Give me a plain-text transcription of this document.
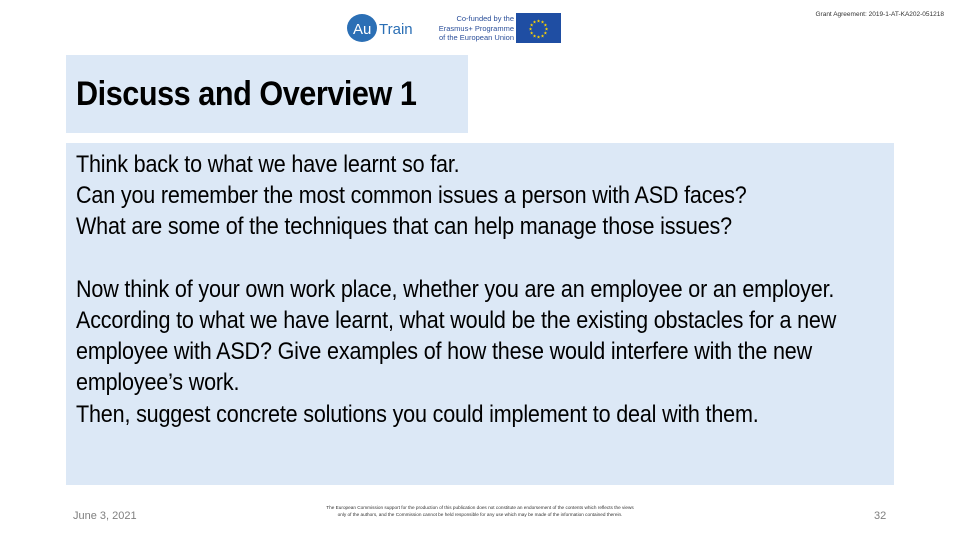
Au Train
Co-funded by the
Erasmus+ Programme
of the European Union
★ ★
★
★
★
★
★
★
★
★
★
★
Grant Agreement: 2019-1-AT-KA202-051218
Discuss and Overview 1

Think back to what we have learnt so far.

Can you remember the most common issues a person with ASD faces?

What are some of the techniques that can help manage those issues?

Now think of your own work place, whether you are an employee or an employer.

According to what we have learnt, what would be the existing obstacles for a new employee with ASD? Give examples of how these would interfere with the new employee’s work.

Then, suggest concrete solutions you could implement to deal with them.

June 3, 2021
The European Commission support for the production of this publication does not constitute an endorsement of the contents which reflects the views only of the authors, and the Commission cannot be held responsible for any use which may be made of the information contained therein.	32
